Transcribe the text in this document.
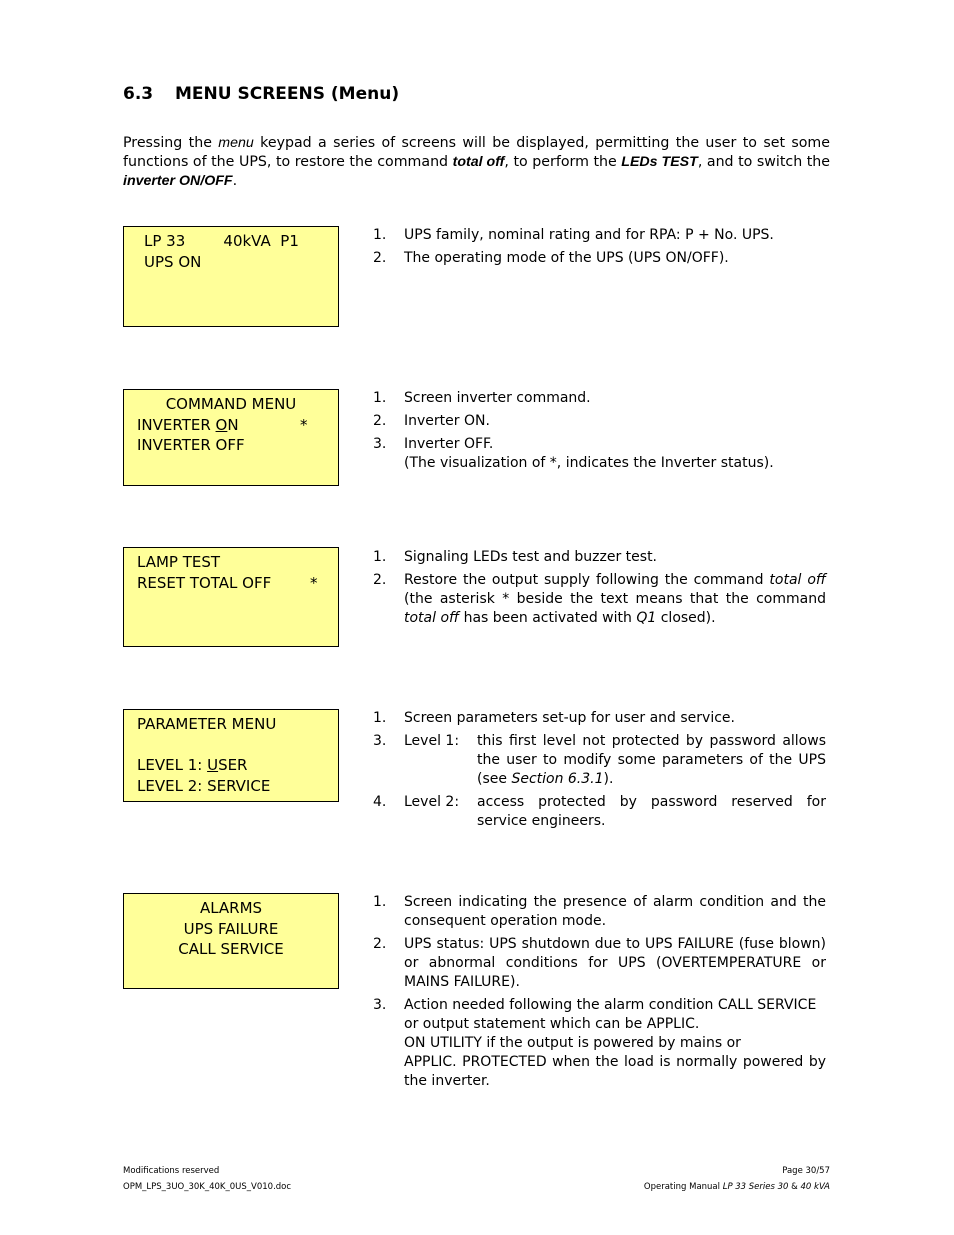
6.3 MENU SCREENS (Menu)
Pressing the menu keypad a series of screens will be displayed, permitting the user to set some functions of the UPS, to restore the command total off, to perform the LEDs TEST, and to switch the inverter ON/OFF.
LP 33        40kVA  P1
UPS ON
1. UPS family, nominal rating and for RPA: P + No. UPS.
2. The operating mode of the UPS (UPS ON/OFF).
COMMAND MENU
INVERTER ON	*
INVERTER OFF
1. Screen inverter command.
2. Inverter ON.
3. Inverter OFF.
(The visualization of *, indicates the Inverter status).
LAMP TEST
RESET TOTAL OFF	*
1. Signaling LEDs test and buzzer test.
2. Restore the output supply following the command total off (the asterisk * beside the text means that the command total off has been activated with Q1 closed).
PARAMETER MENU
LEVEL 1: USER
LEVEL 2: SERVICE
1. Screen parameters set-up for user and service.
3. Level 1: this first level not protected by password allows the user to modify some parameters of the UPS (see Section 6.3.1).
4. Level 2: access protected by password reserved for service engineers.
ALARMS
UPS FAILURE
CALL SERVICE
1. Screen indicating the presence of alarm condition and the consequent operation mode.
2. UPS status: UPS shutdown due to UPS FAILURE (fuse blown) or abnormal conditions for UPS (OVERTEMPERATURE or MAINS FAILURE).
3. Action needed following the alarm condition CALL SERVICE or output statement which can be APPLIC.
ON UTILITY if the output is powered by mains or
APPLIC. PROTECTED when the load is normally powered by the inverter.
Modifications reserved
OPM_LPS_3UO_30K_40K_0US_V010.doc
Page 30/57
Operating Manual LP 33 Series 30 & 40 kVA
